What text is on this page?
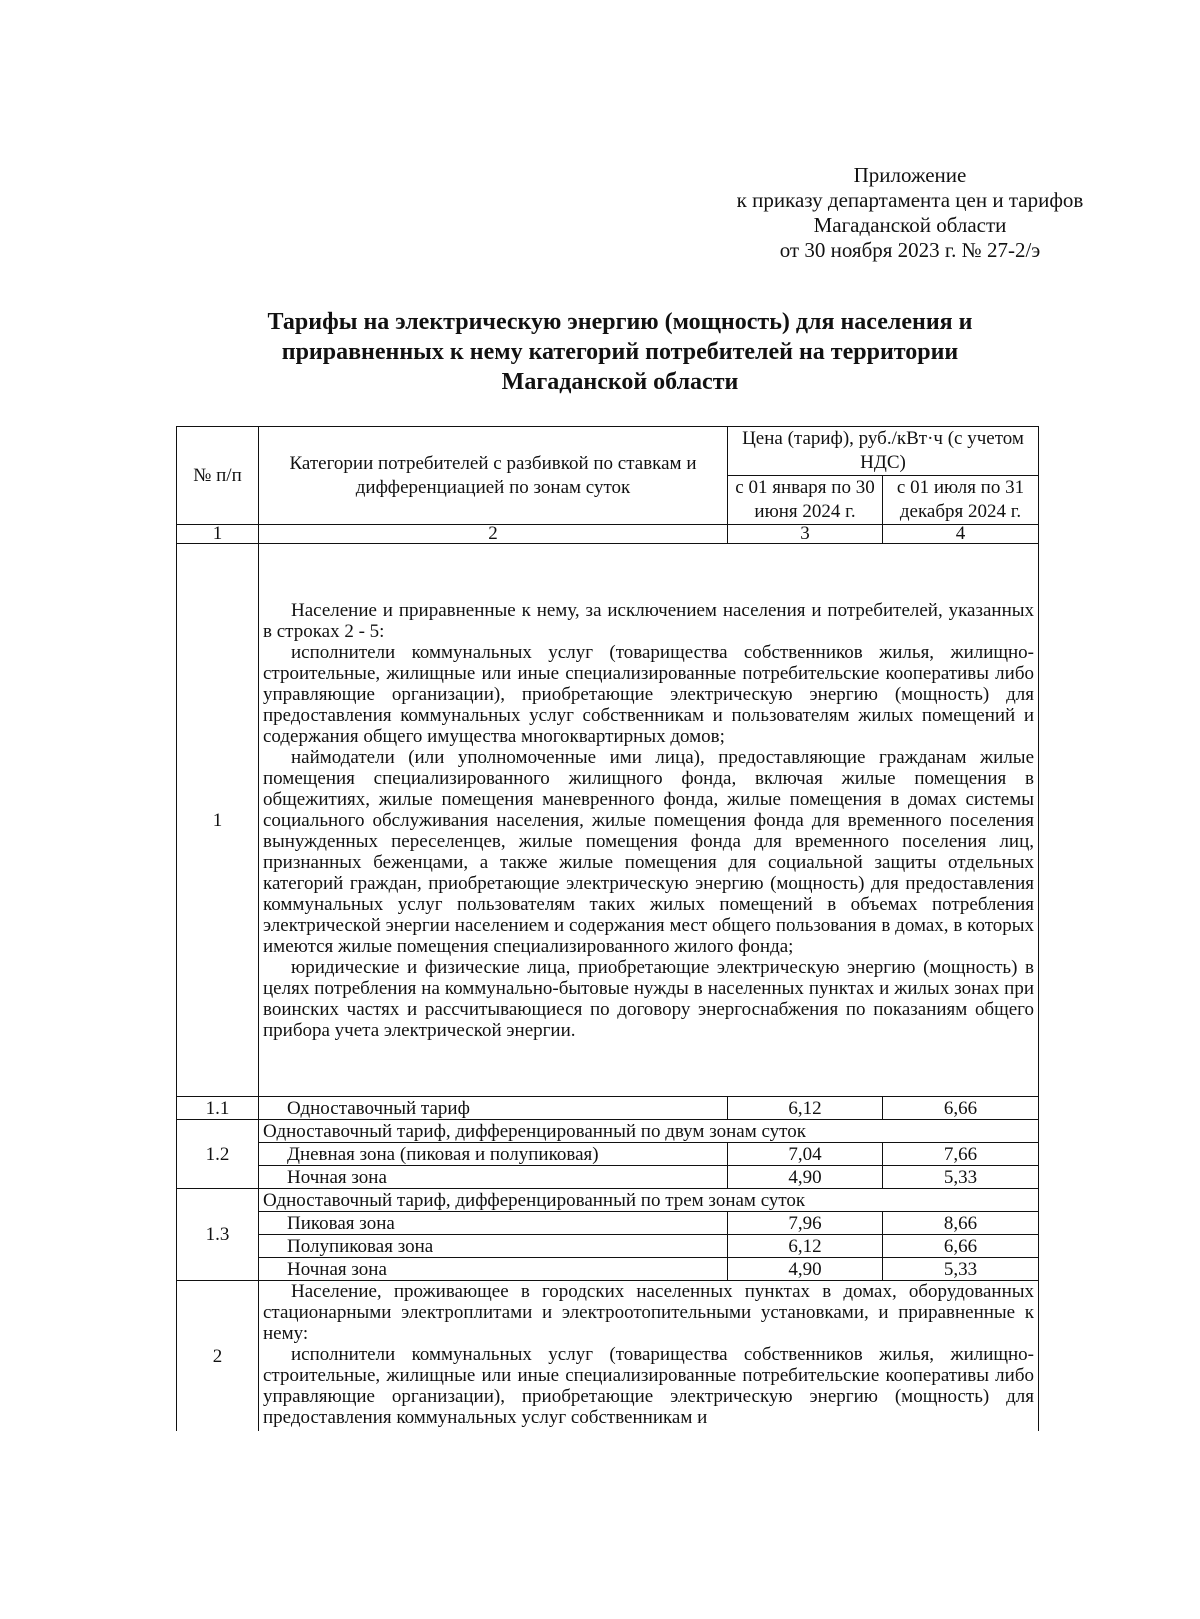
Приложение
к приказу департамента цен и тарифов
Магаданской области
от 30 ноября 2023 г. № 27-2/э
Тарифы на электрическую энергию (мощность) для населения и
приравненных к нему категорий потребителей на территории
Магаданской области
№ п/п	Категории потребителей с разбивкой по ставкам и дифференциацией по зонам суток	Цена (тариф), руб./кВт·ч (с учетом НДС)	
		с 01 января по 30 июня 2024 г.	с 01 июля по 31 декабря 2024 г.
1	2	3	4
1	Население и приравненные к нему, за исключением населения и потребителей, указанных в строках 2 - 5:

исполнители коммунальных услуг (товарищества собственников жилья, жилищно-строительные, жилищные или иные специализированные потребительские кооперативы либо управляющие организации), приобретающие электрическую энергию (мощность) для предоставления коммунальных услуг собственникам и пользователям жилых помещений и содержания общего имущества многоквартирных домов;

наймодатели (или уполномоченные ими лица), предоставляющие гражданам жилые помещения специализированного жилищного фонда, включая жилые помещения в общежитиях, жилые помещения маневренного фонда, жилые помещения в домах системы социального обслуживания населения, жилые помещения фонда для временного поселения вынужденных переселенцев, жилые помещения фонда для временного поселения лиц, признанных беженцами, а также жилые помещения для социальной защиты отдельных категорий граждан, приобретающие электрическую энергию (мощность) для предоставления коммунальных услуг пользователям таких жилых помещений в объемах потребления электрической энергии населением и содержания мест общего пользования в домах, в которых имеются жилые помещения специализированного жилого фонда;

юридические и физические лица, приобретающие электрическую энергию (мощность) в целях потребления на коммунально-бытовые нужды в населенных пунктах и жилых зонах при воинских частях и рассчитывающиеся по договору энергоснабжения по показаниям общего прибора учета электрической энергии.		

1.1	Одноставочный тариф	6,12	6,66
1.2	Одноставочный тариф, дифференцированный по двум зонам суток		
	Дневная зона (пиковая и полупиковая)	7,04	7,66
	Ночная зона	4,90	5,33
1.3	Одноставочный тариф, дифференцированный по трем зонам суток		
	Пиковая зона	7,96	8,66
	Полупиковая зона	6,12	6,66
	Ночная зона	4,90	5,33
2	Население, проживающее в городских населенных пунктах в домах, оборудованных стационарными электроплитами и электроотопительными установками, и приравненные к нему:

исполнители коммунальных услуг (товарищества собственников жилья, жилищно-строительные, жилищные или иные специализированные потребительские кооперативы либо управляющие организации), приобретающие электрическую энергию (мощность) для предоставления коммунальных услуг собственникам и		
